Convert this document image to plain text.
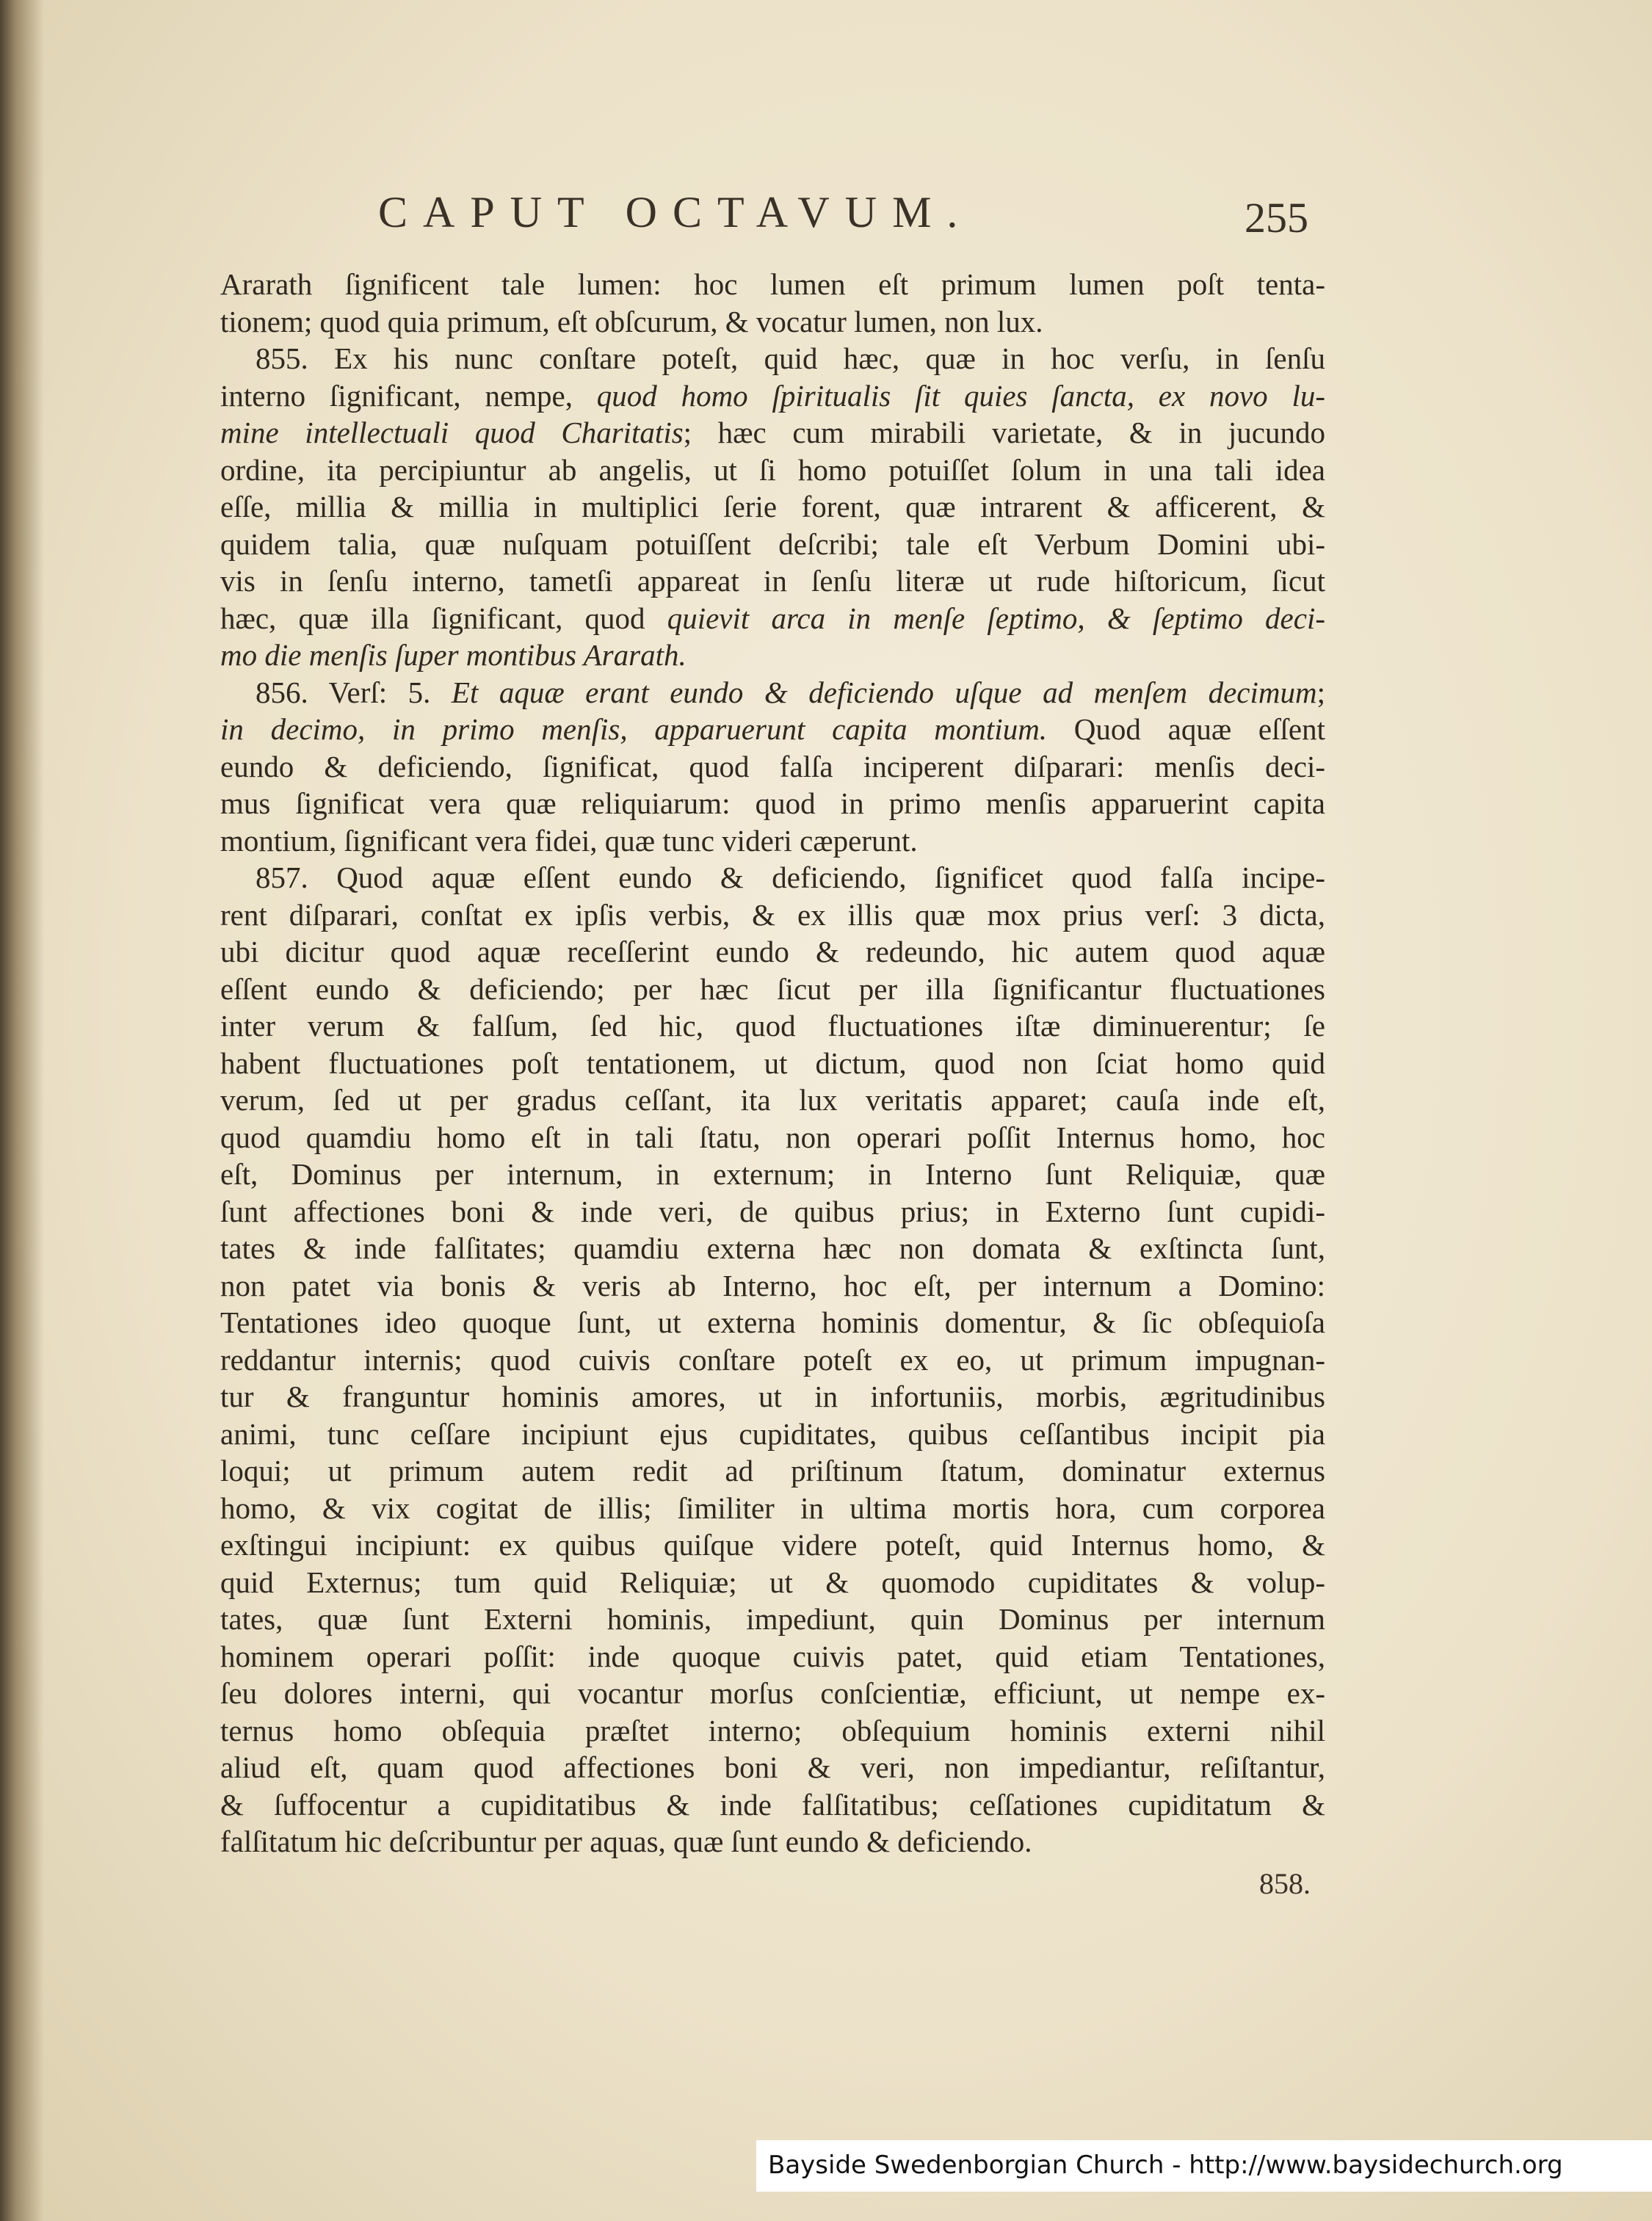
CAPUT OCTAVUM.	255
Ararath ſignificent tale lumen: hoc lumen eſt primum lumen poſt tenta-
tionem; quod quia primum, eſt obſcurum, & vocatur lumen, non lux.
855. Ex his nunc conſtare poteſt, quid hæc, quæ in hoc verſu, in ſenſu
interno ſignificant, nempe, quod homo ſpiritualis ſit quies ſancta, ex novo lu-
mine intellectuali quod Charitatis; hæc cum mirabili varietate, & in jucundo
ordine, ita percipiuntur ab angelis, ut ſi homo potuiſſet ſolum in una tali idea
eſſe, millia & millia in multiplici ſerie forent, quæ intrarent & afficerent, &
quidem talia, quæ nuſquam potuiſſent deſcribi; tale eſt Verbum Domini ubi-
vis in ſenſu interno, tametſi appareat in ſenſu literæ ut rude hiſtoricum, ſicut
hæc, quæ illa ſignificant, quod quievit arca in menſe ſeptimo, & ſeptimo deci-
mo die menſis ſuper montibus Ararath.
856. Verſ: 5. Et aquæ erant eundo & deficiendo uſque ad menſem decimum;
in decimo, in primo menſis, apparuerunt capita montium. Quod aquæ eſſent
eundo & deficiendo, ſignificat, quod falſa inciperent diſparari: menſis deci-
mus ſignificat vera quæ reliquiarum: quod in primo menſis apparuerint capita
montium, ſignificant vera fidei, quæ tunc videri cæperunt.
857. Quod aquæ eſſent eundo & deficiendo, ſignificet quod falſa incipe-
rent diſparari, conſtat ex ipſis verbis, & ex illis quæ mox prius verſ: 3 dicta,
ubi dicitur quod aquæ receſſerint eundo & redeundo, hic autem quod aquæ
eſſent eundo & deficiendo; per hæc ſicut per illa ſignificantur fluctuationes
inter verum & falſum, ſed hic, quod fluctuationes iſtæ diminuerentur; ſe
habent fluctuationes poſt tentationem, ut dictum, quod non ſciat homo quid
verum, ſed ut per gradus ceſſant, ita lux veritatis apparet; cauſa inde eſt,
quod quamdiu homo eſt in tali ſtatu, non operari poſſit Internus homo, hoc
eſt, Dominus per internum, in externum; in Interno ſunt Reliquiæ, quæ
ſunt affectiones boni & inde veri, de quibus prius; in Externo ſunt cupidi-
tates & inde falſitates; quamdiu externa hæc non domata & exſtincta ſunt,
non patet via bonis & veris ab Interno, hoc eſt, per internum a Domino:
Tentationes ideo quoque ſunt, ut externa hominis domentur, & ſic obſequioſa
reddantur internis; quod cuivis conſtare poteſt ex eo, ut primum impugnan-
tur & franguntur hominis amores, ut in infortuniis, morbis, ægritudinibus
animi, tunc ceſſare incipiunt ejus cupiditates, quibus ceſſantibus incipit pia
loqui; ut primum autem redit ad priſtinum ſtatum, dominatur externus
homo, & vix cogitat de illis; ſimiliter in ultima mortis hora, cum corporea
exſtingui incipiunt: ex quibus quiſque videre poteſt, quid Internus homo, &
quid Externus; tum quid Reliquiæ; ut & quomodo cupiditates & volup-
tates, quæ ſunt Externi hominis, impediunt, quin Dominus per internum
hominem operari poſſit: inde quoque cuivis patet, quid etiam Tentationes,
ſeu dolores interni, qui vocantur morſus conſcientiæ, efficiunt, ut nempe ex-
ternus homo obſequia præſtet interno; obſequium hominis externi nihil
aliud eſt, quam quod affectiones boni & veri, non impediantur, reſiſtantur,
& ſuffocentur a cupiditatibus & inde falſitatibus; ceſſationes cupiditatum &
falſitatum hic deſcribuntur per aquas, quæ ſunt eundo & deficiendo.
858.
Bayside Swedenborgian Church - http://www.baysidechurch.org
